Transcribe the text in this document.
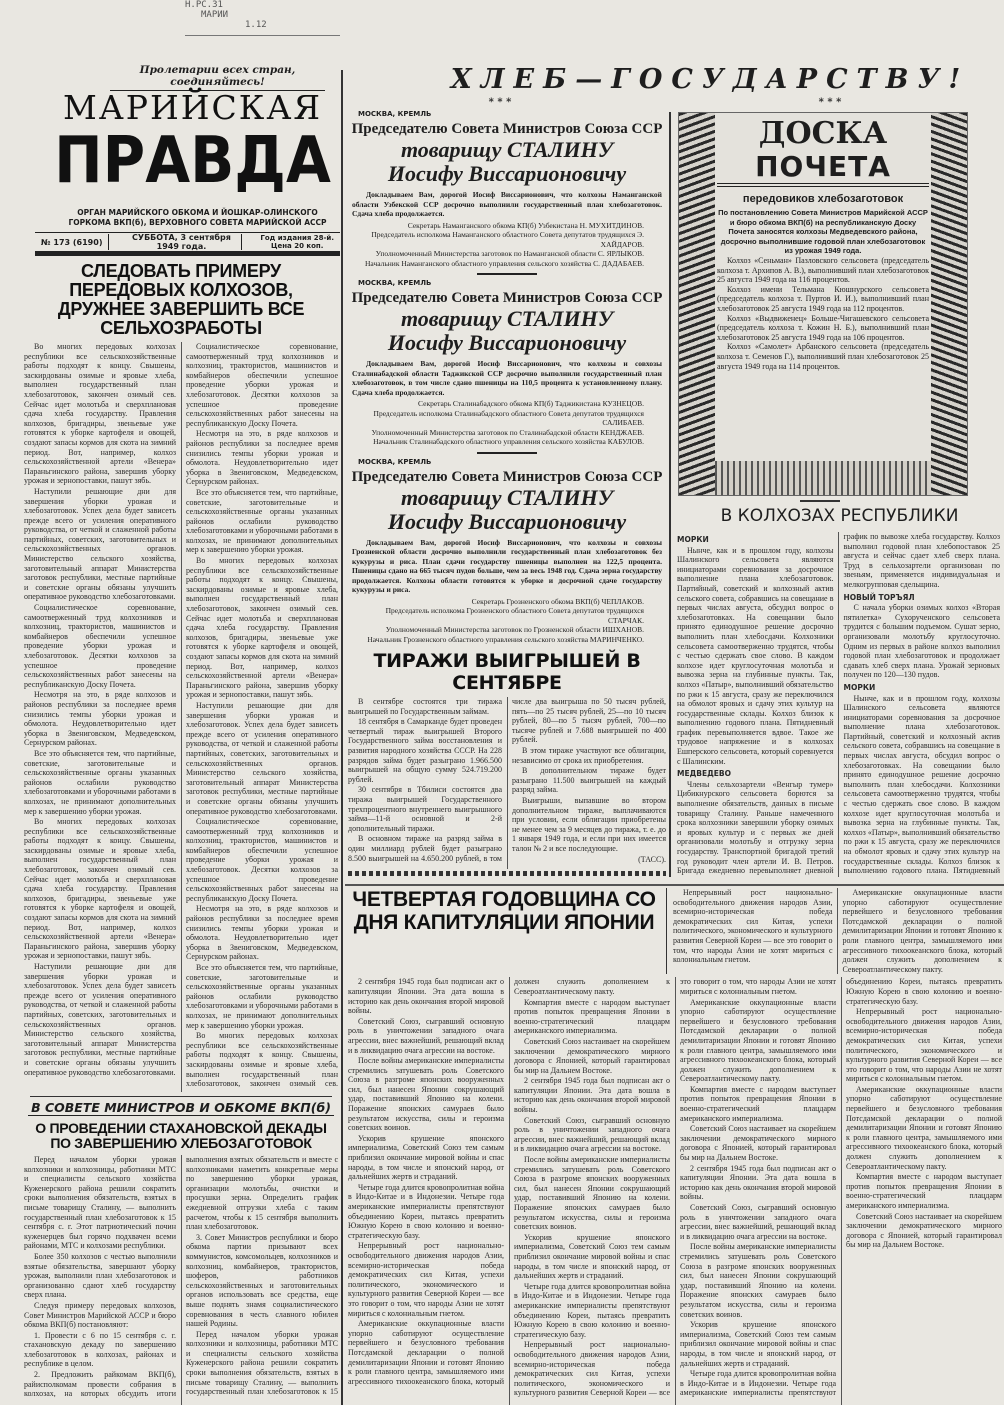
Н.РС.31
МАРИИ
1.12
Пролетарии всех стран, соединяйтесь!
МАРИЙСКАЯ
ПРАВДА
ОРГАН МАРИЙСКОГО ОБКОМА И ЙОШКАР-ОЛИНСКОГО ГОРКОМА ВКП(б), ВЕРХОВНОГО СОВЕТА МАРИЙСКОЙ АССР
№ 173 (6190)	СУББОТА, 3 сентября 1949 года.
Год издания 28-й.
Цена 20 коп.
СЛЕДОВАТЬ ПРИМЕРУ ПЕРЕДОВЫХ КОЛХОЗОВ, ДРУЖНЕЕ ЗАВЕРШИТЬ ВСЕ СЕЛЬХОЗРАБОТЫ

Во многих передовых колхозах республики все сельскохозяйственные работы подходят к концу. Свышены, заскирдованы озимые и яровые хлеба, выполнен государственный план хлебозаготовок, закончен озимый сев. Сейчас идет молотьба и сверхплановая сдача хлеба государству. Правления колхозов, бригадиры, звеньевые уже готовятся к уборке картофеля и овощей, создают запасы кормов для скота на зимний период. Вот, например, колхоз сельскохозяйственной артели «Венера» Параньгинского района, завершив уборку урожая и зернопоставки, пашут зябь.

Наступили решающие дни для завершения уборки урожая и хлебозаготовок. Успех дела будет зависеть прежде всего от усиления оперативного руководства, от четкой и слаженной работы партийных, советских, заготовительных и сельскохозяйственных органов. Министерство сельского хозяйства, заготовительный аппарат Министерства заготовок республики, местные партийные и советские органы обязаны улучшить оперативное руководство хлебозаготовками.

Социалистическое соревнование, самоотверженный труд колхозников и колхозниц, трактористов, машинистов и комбайнеров обеспечили успешное проведение уборки урожая и хлебозаготовок. Десятки колхозов за успешное проведение сельскохозяйственных работ занесены на республиканскую Доску Почета.

Несмотря на это, в ряде колхозов и районов республики за последнее время снизились темпы уборки урожая и обмолота. Неудовлетворительно идет уборка в Звениговском, Медведевском, Сернурском районах.

Все это объясняется тем, что партийные, советские, заготовительные и сельскохозяйственные органы указанных районов ослабили руководство хлебозаготовками и уборочными работами в колхозах, не принимают дополнительных мер к завершению уборки урожая.

Во многих передовых колхозах республики все сельскохозяйственные работы подходят к концу. Свышены, заскирдованы озимые и яровые хлеба, выполнен государственный план хлебозаготовок, закончен озимый сев. Сейчас идет молотьба и сверхплановая сдача хлеба государству. Правления колхозов, бригадиры, звеньевые уже готовятся к уборке картофеля и овощей, создают запасы кормов для скота на зимний период. Вот, например, колхоз сельскохозяйственной артели «Венера» Параньгинского района, завершив уборку урожая и зернопоставки, пашут зябь.

Наступили решающие дни для завершения уборки урожая и хлебозаготовок. Успех дела будет зависеть прежде всего от усиления оперативного руководства, от четкой и слаженной работы партийных, советских, заготовительных и сельскохозяйственных органов. Министерство сельского хозяйства, заготовительный аппарат Министерства заготовок республики, местные партийные и советские органы обязаны улучшить оперативное руководство хлебозаготовками.

Социалистическое соревнование, самоотверженный труд колхозников и колхозниц, трактористов, машинистов и комбайнеров обеспечили успешное проведение уборки урожая и хлебозаготовок. Десятки колхозов за успешное проведение сельскохозяйственных работ занесены на республиканскую Доску Почета.

Несмотря на это, в ряде колхозов и районов республики за последнее время снизились темпы уборки урожая и обмолота. Неудовлетворительно идет уборка в Звениговском, Медведевском, Сернурском районах.

Все это объясняется тем, что партийные, советские, заготовительные и сельскохозяйственные органы указанных районов ослабили руководство хлебозаготовками и уборочными работами в колхозах, не принимают дополнительных мер к завершению уборки урожая.

Во многих передовых колхозах республики все сельскохозяйственные работы подходят к концу. Свышены, заскирдованы озимые и яровые хлеба, выполнен государственный план хлебозаготовок, закончен озимый сев. Сейчас идет молотьба и сверхплановая сдача хлеба государству. Правления колхозов, бригадиры, звеньевые уже готовятся к уборке картофеля и овощей, создают запасы кормов для скота на зимний период. Вот, например, колхоз сельскохозяйственной артели «Венера» Параньгинского района, завершив уборку урожая и зернопоставки, пашут зябь.

Наступили решающие дни для завершения уборки урожая и хлебозаготовок. Успех дела будет зависеть прежде всего от усиления оперативного руководства, от четкой и слаженной работы партийных, советских, заготовительных и сельскохозяйственных органов. Министерство сельского хозяйства, заготовительный аппарат Министерства заготовок республики, местные партийные и советские органы обязаны улучшить оперативное руководство хлебозаготовками.

Социалистическое соревнование, самоотверженный труд колхозников и колхозниц, трактористов, машинистов и комбайнеров обеспечили успешное проведение уборки урожая и хлебозаготовок. Десятки колхозов за успешное проведение сельскохозяйственных работ занесены на республиканскую Доску Почета.

Несмотря на это, в ряде колхозов и районов республики за последнее время снизились темпы уборки урожая и обмолота. Неудовлетворительно идет уборка в Звениговском, Медведевском, Сернурском районах.

Все это объясняется тем, что партийные, советские, заготовительные и сельскохозяйственные органы указанных районов ослабили руководство хлебозаготовками и уборочными работами в колхозах, не принимают дополнительных мер к завершению уборки урожая.

Во многих передовых колхозах республики все сельскохозяйственные работы подходят к концу. Свышены, заскирдованы озимые и яровые хлеба, выполнен государственный план хлебозаготовок, закончен озимый сев.

В СОВЕТЕ МИНИСТРОВ И ОБКОМЕ ВКП(б)
О ПРОВЕДЕНИИ СТАХАНОВСКОЙ ДЕКАДЫ ПО ЗАВЕРШЕНИЮ ХЛЕБОЗАГОТОВОК

Перед началом уборки урожая колхозники и колхозницы, работники МТС и специалисты сельского хозяйства Куженерского района решили сократить сроки выполнения обязательств, взятых в письме товарищу Сталину, — выполнить государственный план хлебозаготовок к 15 сентября с. г. Этот патриотический почин куженерцев был горячо подхвачен всеми районами, МТС и колхозами республики.

Более 350 колхозов с честью выполнили взятые обязательства, завершают уборку урожая, выполнили план хлебозаготовок и организованно сдают хлеб государству сверх плана.

Следуя примеру передовых колхозов, Совет Министров Марийской АССР и бюро обкома ВКП(б) постановляют:

1. Провести с 6 по 15 сентября с. г. стахановскую декаду по завершению хлебозаготовок в колхозах, районах и республике в целом.

2. Предложить райкомам ВКП(б), райисполкомам провести собрания в колхозах, на которых обсудить итоги выполнения взятых обязательств и вместе с колхозниками наметить конкретные меры по завершению уборки урожая, организации молотьбы, очистки и просушки зерна. Определить график ежедневной отгрузки хлеба с таким расчетом, чтобы к 15 сентября выполнить план хлебозаготовок.

3. Совет Министров республики и бюро обкома партии призывают всех коммунистов, комсомольцев, колхозников и колхозниц, комбайнеров, трактористов, шоферов, работников сельскохозяйственных и заготовительных органов использовать все средства, еще выше поднять знамя социалистического соревнования в честь славного юбилея нашей Родины.

Перед началом уборки урожая колхозники и колхозницы, работники МТС и специалисты сельского хозяйства Куженерского района решили сократить сроки выполнения обязательств, взятых в письме товарищу Сталину, — выполнить государственный план хлебозаготовок к 15

ХЛЕБ—ГОСУДАРСТВУ!
* * *	* * *
МОСКВА, КРЕМЛЬ
Председателю Совета Министров Союза ССР
товарищу СТАЛИНУ
Иосифу Виссарионовичу
Докладываем Вам, дорогой Иосиф Виссарионович, что колхозы Наманганской области Узбекской ССР досрочно выполнили государственный план хлебозаготовок. Сдача хлеба продолжается.
Секретарь Наманганского обкома КП(б) Узбекистана Н. МУХИТДИНОВ.
Председатель исполкома Наманганского областного Совета депутатов трудящихся Э. ХАЙДАРОВ.
Уполномоченный Министерства заготовок по Наманганской области С. ЯРЛЫКОВ.
Начальник Наманганского областного управления сельского хозяйства С. ДАДАБАЕВ.
МОСКВА, КРЕМЛЬ
Председателю Совета Министров Союза ССР
товарищу СТАЛИНУ
Иосифу Виссарионовичу
Докладываем Вам, дорогой Иосиф Виссарионович, что колхозы и совхозы Сталинабадской области Таджикской ССР досрочно выполнили государственный план хлебозаготовок, в том числе сдано пшеницы на 110,5 процента к установленному плану. Сдача хлеба продолжается.
Секретарь Сталинабадского обкома КП(б) Таджикистана КУЗНЕЦОВ.
Председатель исполкома Сталинабадского областного Совета депутатов трудящихся САЛИБАЕВ.
Уполномоченный Министерства заготовок по Сталинабадской области КЕНДЖАЕВ.
Начальник Сталинабадского областного управления сельского хозяйства КАБУЛОВ.
МОСКВА, КРЕМЛЬ
Председателю Совета Министров Союза ССР
товарищу СТАЛИНУ
Иосифу Виссарионовичу
Докладываем Вам, дорогой Иосиф Виссарионович, что колхозы и совхозы Грозненской области досрочно выполнили государственный план хлебозаготовок без кукурузы и риса. План сдачи государству пшеницы выполнен на 122,5 процента. Пшеницы сдано на 665 тысяч пудов больше, чем за весь 1948 год. Сдача зерна государству продолжается. Колхозы области готовятся к уборке и досрочной сдаче государству кукурузы и риса.
Секретарь Грозненского обкома ВКП(б) ЧЕПЛАКОВ.
Председатель исполкома Грозненского областного Совета депутатов трудящихся СТАРЧАК.
Уполномоченный Министерства заготовок по Грозненской области ИШХАНОВ.
Начальник Грозненского областного управления сельского хозяйства МАРИНЧЕНКО.
ТИРАЖИ ВЫИГРЫШЕЙ В СЕНТЯБРЕ

В сентябре состоятся три тиража выигрышей по Государственным займам.

18 сентября в Самарканде будет проведен четвертый тираж выигрышей Второго Государственного займа восстановления и развития народного хозяйства СССР. На 228 разрядов займа будет разыграно 1.966.500 выигрышей на общую сумму 524.719.200 рублей.

30 сентября в Тбилиси состоятся два тиража выигрышей Государственного трехпроцентного внутреннего выигрышного займа—11-й основной и 2-й дополнительный тиражи.

В основном тираже на разряд займа в один миллиард рублей будет разыграно 8.500 выигрышей на 4.650.200 рублей, в том числе два выигрыша по 50 тысяч рублей, пять—по 25 тысяч рублей, 25—по 10 тысяч рублей, 80—по 5 тысяч рублей, 700—по тысяче рублей и 7.688 выигрышей по 400 рублей.

В этом тираже участвуют все облигации, независимо от срока их приобретения.

В дополнительном тираже будет разыграно 11.500 выигрышей на каждый разряд займа.

Выигрыши, выпавшие во втором дополнительном тираже, выплачиваются при условии, если облигации приобретены не менее чем за 9 месяцев до тиража, т. е. до 1 января 1949 года, и если при них имеется талон № 2 и все последующие.

(ТАСС).

ДОСКА
ПОЧЕТА
передовиков хлебозаготовок

По постановлению Совета Министров Марийской АССР и бюро обкома ВКП(б) на республиканскую Доску Почета заносятся колхозы Медведевского района, досрочно выполнившие годовой план хлебозаготовок из урожая 1949 года.

Колхоз «Сеньман» Пазловского сельсовета (председатель колхоза т. Архипов А. В.), выполнивший план хлебозаготовок 25 августа 1949 года на 116 процентов.

Колхоз имени Тельмана Кюшнурского сельсовета (председатель колхоза т. Пуртов И. И.), выполнивший план хлебозаготовок 25 августа 1949 года на 112 процентов.

Колхоз «Выдвиженец» Больше-Чигашевского сельсовета (председатель колхоза т. Кожин Н. Б.), выполнивший план хлебозаготовок 25 августа 1949 года на 106 процентов.

Колхоз «Самолет» Арбанского сельсовета (председатель колхоза т. Семенов Г.), выполнивший план хлебозаготовок 25 августа 1949 года на 114 процентов.

В КОЛХОЗАХ РЕСПУБЛИКИ

МОРКИ

Нынче, как и в прошлом году, колхозы Шалинского сельсовета являются инициаторами соревнования за досрочное выполнение плана хлебозаготовок. Партийный, советский и колхозный актив сельского совета, собравшись на совещание в первых числах августа, обсудил вопрос о хлебозаготовках. На совещании было принято единодушное решение досрочно выполнить план хлебосдачи. Колхозники сельсовета самоотверженно трудятся, чтобы с честью сдержать свое слово. В каждом колхозе идет круглосуточная молотьба и вывозка зерна на глубинные пункты. Так, колхоз «Патыр», выполнивший обязательство по ржи к 15 августа, сразу же переключился на обмолот яровых и сдачу этих культур на государственные склады. Колхоз близок к выполнению годового плана. Пятидневный график перевыполняется вдвое. Такое же трудовое напряжение и в колхозах Ешперского сельсовета, который соревнуется с Шалинским.

МЕДВЕДЕВО

Члены сельхозартели «Венгыр тумер» Цибикнурского сельсовета борются за выполнение обязательств, данных в письме товарищу Сталину. Раньше намеченного срока колхозники завершили уборку озимых и яровых культур и с первых же дней организовали молотьбу и отгрузку зерна государству. Транспортной бригадой третий год руководит член артели И. В. Петров. Бригада ежедневно перевыполняет дневной график по вывозке хлеба государству. Колхоз выполнил годовой план хлебопоставок 25 августа и сейчас сдает хлеб сверх плана. Труд в сельхозартели организован по звеньям, применяется индивидуальная и мелкогрупповая сдельщина.

НОВЫЙ ТОРЪЯЛ

С начала уборки озимых колхоз «Вторая пятилетка» Сухорученского сельсовета трудится с большим подъемом. Сушат зерно, организовали молотьбу круглосуточно. Одним из первых в районе колхоз выполнил годовой план хлебозаготовок и продолжает сдавать хлеб сверх плана. Урожай зерновых получен по 120—130 пудов.

МОРКИ

Нынче, как и в прошлом году, колхозы Шалинского сельсовета являются инициаторами соревнования за досрочное выполнение плана хлебозаготовок. Партийный, советский и колхозный актив сельского совета, собравшись на совещание в первых числах августа, обсудил вопрос о хлебозаготовках. На совещании было принято единодушное решение досрочно выполнить план хлебосдачи. Колхозники сельсовета самоотверженно трудятся, чтобы с честью сдержать свое слово. В каждом колхозе идет круглосуточная молотьба и вывозка зерна на глубинные пункты. Так, колхоз «Патыр», выполнивший обязательство по ржи к 15 августа, сразу же переключился на обмолот яровых и сдачу этих культур на государственные склады. Колхоз близок к выполнению годового плана. Пятидневный

ЧЕТВЕРТАЯ ГОДОВЩИНА СО ДНЯ КАПИТУЛЯЦИИ ЯПОНИИ

Непрерывный рост национально-освободительного движения народов Азии, всемирно-историческая победа демократических сил Китая, успехи политического, экономического и культурного развития Северной Кореи — все это говорит о том, что народы Азии не хотят мириться с колониальным гнетом.

Американские оккупационные власти упорно саботируют осуществление первейшего и безусловного требования Потсдамской декларации о полной демилитаризации Японии и готовят Японию к роли главного центра, замышляемого ими агрессивного тихоокеанского блока, который должен служить дополнением к Североатлантическому пакту.

2 сентября 1945 года был подписан акт о капитуляции Японии. Эта дата вошла в историю как день окончания второй мировой войны.

Советский Союз, сыгравший основную роль в уничтожении западного очага агрессии, внес важнейший, решающий вклад и в ликвидацию очага агрессии на востоке.

После войны американские империалисты стремились затушевать роль Советского Союза в разгроме японских вооруженных сил, был нанесен Японии сокрушающий удар, поставивший Японию на колени. Поражение японских самураев было результатом искусства, силы и героизма советских воинов.

Ускорив крушение японского империализма, Советский Союз тем самым приблизил окончание мировой войны и спас народы, в том числе и японский народ, от дальнейших жертв и страданий.

Четыре года длится кровопролитная война в Индо-Китае и в Индонезии. Четыре года американские империалисты препятствуют объединению Кореи, пытаясь превратить Южную Корею в свою колонию и военно-стратегическую базу.

Непрерывный рост национально-освободительного движения народов Азии, всемирно-историческая победа демократических сил Китая, успехи политического, экономического и культурного развития Северной Кореи — все это говорит о том, что народы Азии не хотят мириться с колониальным гнетом.

Американские оккупационные власти упорно саботируют осуществление первейшего и безусловного требования Потсдамской декларации о полной демилитаризации Японии и готовят Японию к роли главного центра, замышляемого ими агрессивного тихоокеанского блока, который должен служить дополнением к Североатлантическому пакту.

Компартия вместе с народом выступает против попыток превращения Японии в военно-стратегический плацдарм американского империализма.

Советский Союз настаивает на скорейшем заключении демократического мирного договора с Японией, который гарантировал бы мир на Дальнем Востоке.

2 сентября 1945 года был подписан акт о капитуляции Японии. Эта дата вошла в историю как день окончания второй мировой войны.

Советский Союз, сыгравший основную роль в уничтожении западного очага агрессии, внес важнейший, решающий вклад и в ликвидацию очага агрессии на востоке.

После войны американские империалисты стремились затушевать роль Советского Союза в разгроме японских вооруженных сил, был нанесен Японии сокрушающий удар, поставивший Японию на колени. Поражение японских самураев было результатом искусства, силы и героизма советских воинов.

Ускорив крушение японского империализма, Советский Союз тем самым приблизил окончание мировой войны и спас народы, в том числе и японский народ, от дальнейших жертв и страданий.

Четыре года длится кровопролитная война в Индо-Китае и в Индонезии. Четыре года американские империалисты препятствуют объединению Кореи, пытаясь превратить Южную Корею в свою колонию и военно-стратегическую базу.

Непрерывный рост национально-освободительного движения народов Азии, всемирно-историческая победа демократических сил Китая, успехи политического, экономического и культурного развития Северной Кореи — все это говорит о том, что народы Азии не хотят мириться с колониальным гнетом.

Американские оккупационные власти упорно саботируют осуществление первейшего и безусловного требования Потсдамской декларации о полной демилитаризации Японии и готовят Японию к роли главного центра, замышляемого ими агрессивного тихоокеанского блока, который должен служить дополнением к Североатлантическому пакту.

Компартия вместе с народом выступает против попыток превращения Японии в военно-стратегический плацдарм американского империализма.

Советский Союз настаивает на скорейшем заключении демократического мирного договора с Японией, который гарантировал бы мир на Дальнем Востоке.

2 сентября 1945 года был подписан акт о капитуляции Японии. Эта дата вошла в историю как день окончания второй мировой войны.

Советский Союз, сыгравший основную роль в уничтожении западного очага агрессии, внес важнейший, решающий вклад и в ликвидацию очага агрессии на востоке.

После войны американские империалисты стремились затушевать роль Советского Союза в разгроме японских вооруженных сил, был нанесен Японии сокрушающий удар, поставивший Японию на колени. Поражение японских самураев было результатом искусства, силы и героизма советских воинов.

Ускорив крушение японского империализма, Советский Союз тем самым приблизил окончание мировой войны и спас народы, в том числе и японский народ, от дальнейших жертв и страданий.

Четыре года длится кровопролитная война в Индо-Китае и в Индонезии. Четыре года американские империалисты препятствуют объединению Кореи, пытаясь превратить Южную Корею в свою колонию и военно-стратегическую базу.

Непрерывный рост национально-освободительного движения народов Азии, всемирно-историческая победа демократических сил Китая, успехи политического, экономического и культурного развития Северной Кореи — все это говорит о том, что народы Азии не хотят мириться с колониальным гнетом.

Американские оккупационные власти упорно саботируют осуществление первейшего и безусловного требования Потсдамской декларации о полной демилитаризации Японии и готовят Японию к роли главного центра, замышляемого ими агрессивного тихоокеанского блока, который должен служить дополнением к Североатлантическому пакту.

Компартия вместе с народом выступает против попыток превращения Японии в военно-стратегический плацдарм американского империализма.

Советский Союз настаивает на скорейшем заключении демократического мирного договора с Японией, который гарантировал бы мир на Дальнем Востоке.
